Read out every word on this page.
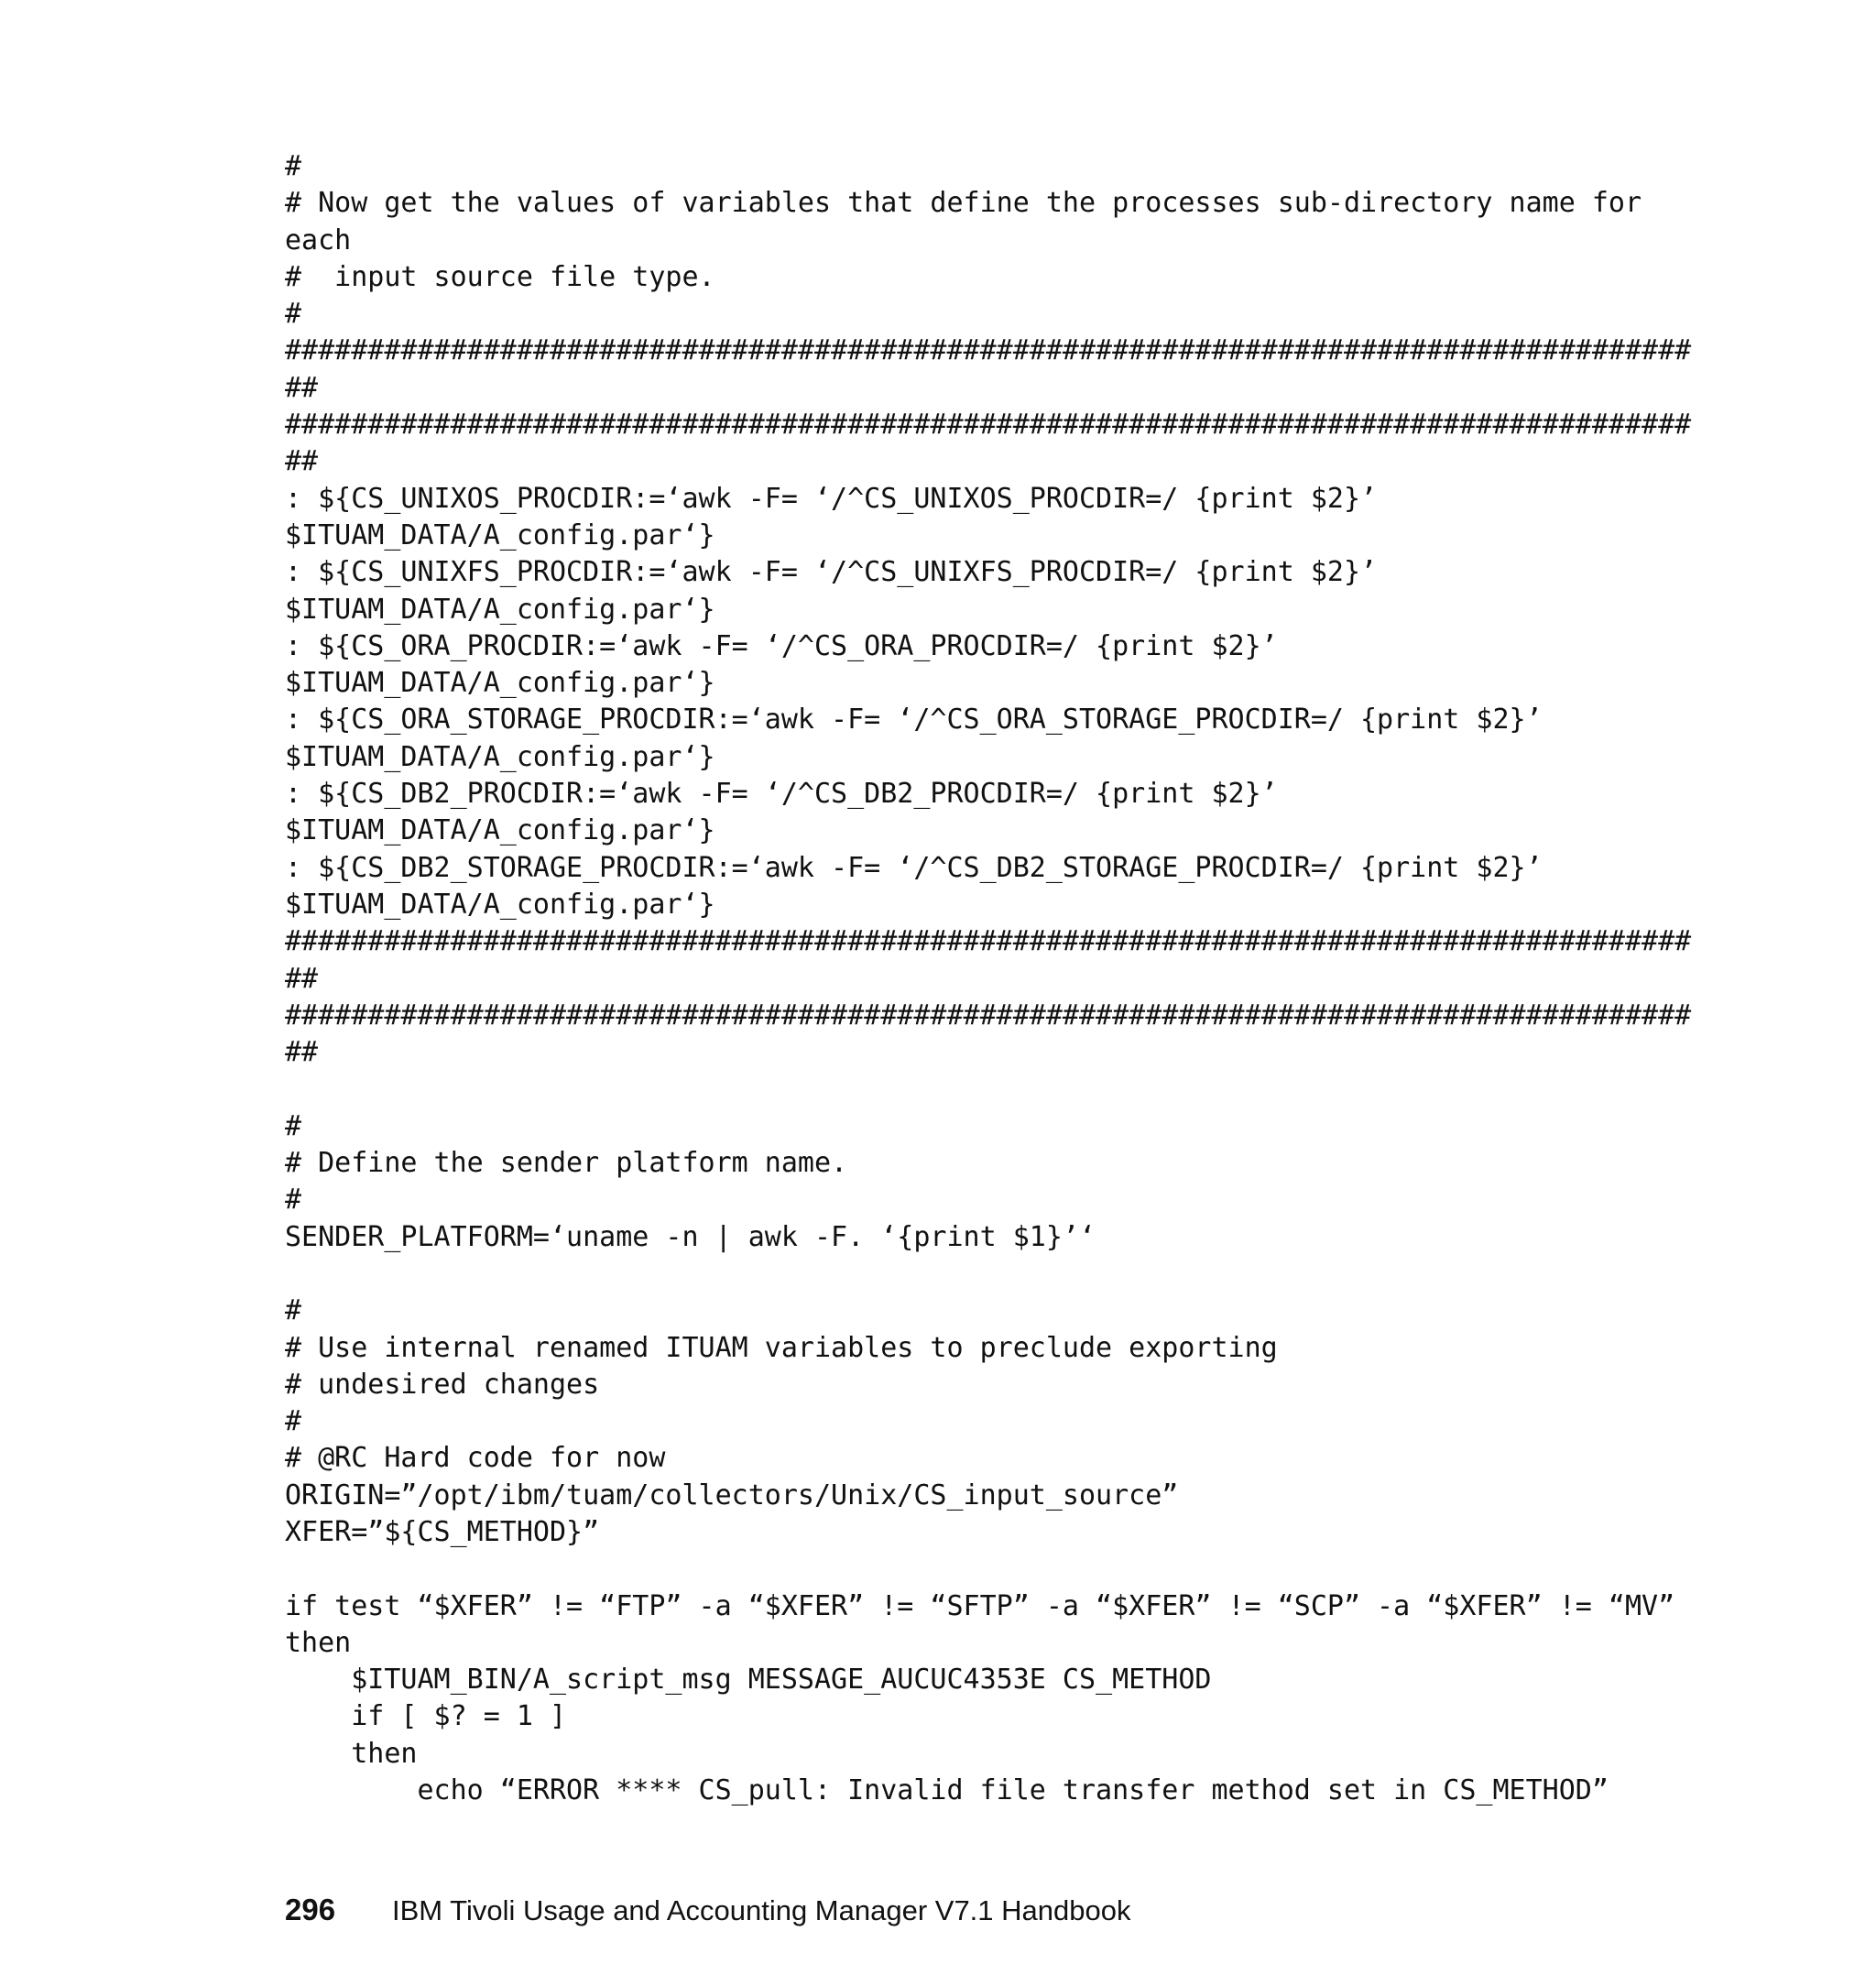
#
# Now get the values of variables that define the processes sub-directory name for
each
#  input source file type.
#
#####################################################################################
##
#####################################################################################
##
: ${CS_UNIXOS_PROCDIR:=‘awk -F= ‘/^CS_UNIXOS_PROCDIR=/ {print $2}’
$ITUAM_DATA/A_config.par‘}
: ${CS_UNIXFS_PROCDIR:=‘awk -F= ‘/^CS_UNIXFS_PROCDIR=/ {print $2}’
$ITUAM_DATA/A_config.par‘}
: ${CS_ORA_PROCDIR:=‘awk -F= ‘/^CS_ORA_PROCDIR=/ {print $2}’
$ITUAM_DATA/A_config.par‘}
: ${CS_ORA_STORAGE_PROCDIR:=‘awk -F= ‘/^CS_ORA_STORAGE_PROCDIR=/ {print $2}’
$ITUAM_DATA/A_config.par‘}
: ${CS_DB2_PROCDIR:=‘awk -F= ‘/^CS_DB2_PROCDIR=/ {print $2}’
$ITUAM_DATA/A_config.par‘}
: ${CS_DB2_STORAGE_PROCDIR:=‘awk -F= ‘/^CS_DB2_STORAGE_PROCDIR=/ {print $2}’
$ITUAM_DATA/A_config.par‘}
#####################################################################################
##
#####################################################################################
##
#
# Define the sender platform name.
#
SENDER_PLATFORM=‘uname -n | awk -F. ‘{print $1}’‘
#
# Use internal renamed ITUAM variables to preclude exporting
# undesired changes
#
# @RC Hard code for now
ORIGIN=”/opt/ibm/tuam/collectors/Unix/CS_input_source”
XFER=”${CS_METHOD}”
if test “$XFER” != “FTP” -a “$XFER” != “SFTP” -a “$XFER” != “SCP” -a “$XFER” != “MV”
then
$ITUAM_BIN/A_script_msg MESSAGE_AUCUC4353E CS_METHOD
if [ $? = 1 ]
then
echo “ERROR **** CS_pull: Invalid file transfer method set in CS_METHOD”
296	IBM Tivoli Usage and Accounting Manager V7.1 Handbook
